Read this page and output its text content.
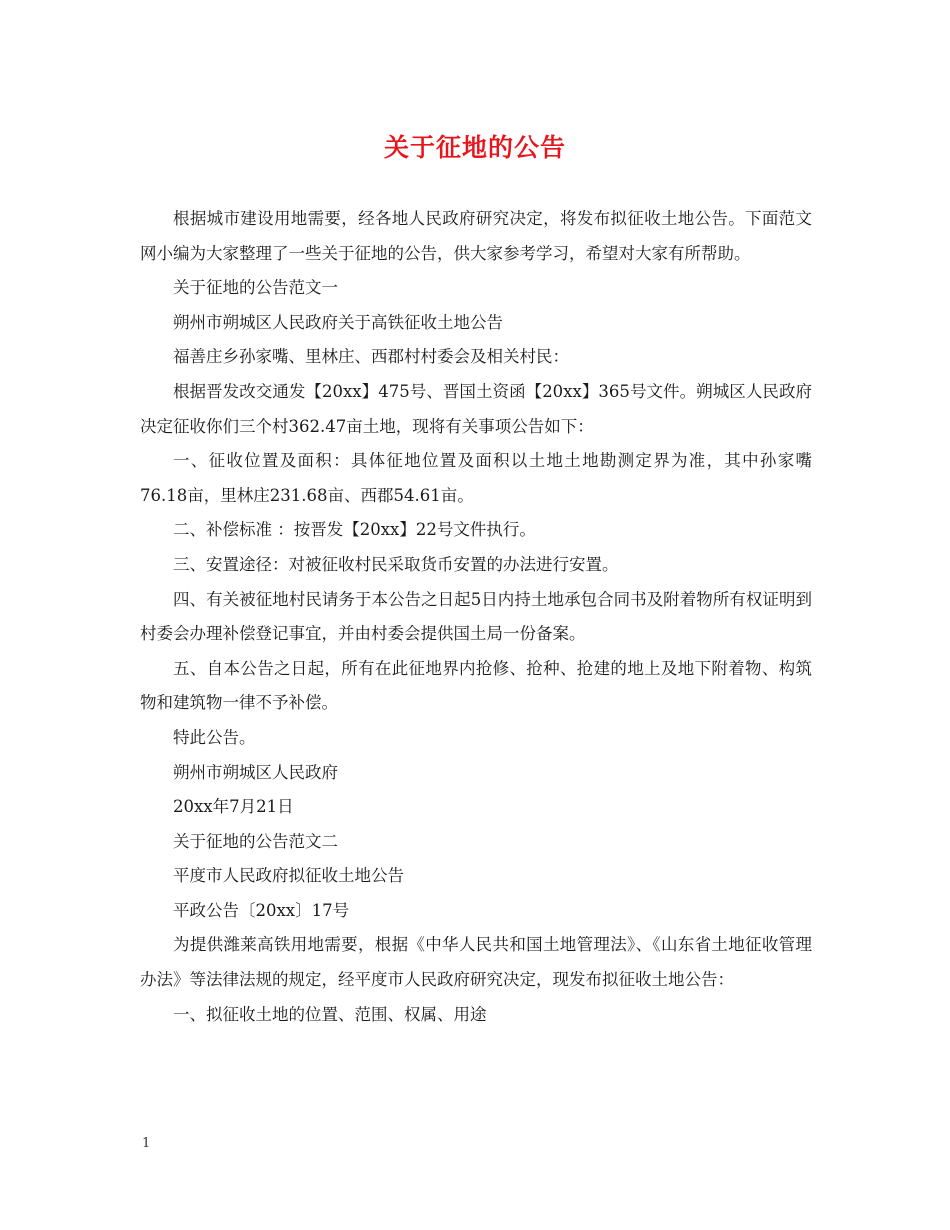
关于征地的公告

根据城市建设用地需要，经各地人民政府研究决定，将发布拟征收土地公告。下面范文网小编为大家整理了一些关于征地的公告，供大家参考学习，希望对大家有所帮助。

关于征地的公告范文一

朔州市朔城区人民政府关于高铁征收土地公告

福善庄乡孙家嘴、里林庄、西郡村村委会及相关村民：

根据晋发改交通发【20xx】475号、晋国土资函【20xx】365号文件。朔城区人民政府决定征收你们三个村362.47亩土地，现将有关事项公告如下：

一、征收位置及面积：具体征地位置及面积以土地土地勘测定界为准，其中孙家嘴76.18亩，里林庄231.68亩、西郡54.61亩。

二、补偿标准 ：按晋发【20xx】22号文件执行。

三、安置途径：对被征收村民采取货币安置的办法进行安置。

四、有关被征地村民请务于本公告之日起5日内持土地承包合同书及附着物所有权证明到村委会办理补偿登记事宜，并由村委会提供国土局一份备案。

五、自本公告之日起，所有在此征地界内抢修、抢种、抢建的地上及地下附着物、构筑物和建筑物一律不予补偿。

特此公告。

朔州市朔城区人民政府

20xx年7月21日

关于征地的公告范文二

平度市人民政府拟征收土地公告

平政公告〔20xx〕17号

为提供潍莱高铁用地需要，根据《中华人民共和国土地管理法》、《山东省土地征收管理办法》等法律法规的规定，经平度市人民政府研究决定，现发布拟征收土地公告：

一、拟征收土地的位置、范围、权属、用途

1
